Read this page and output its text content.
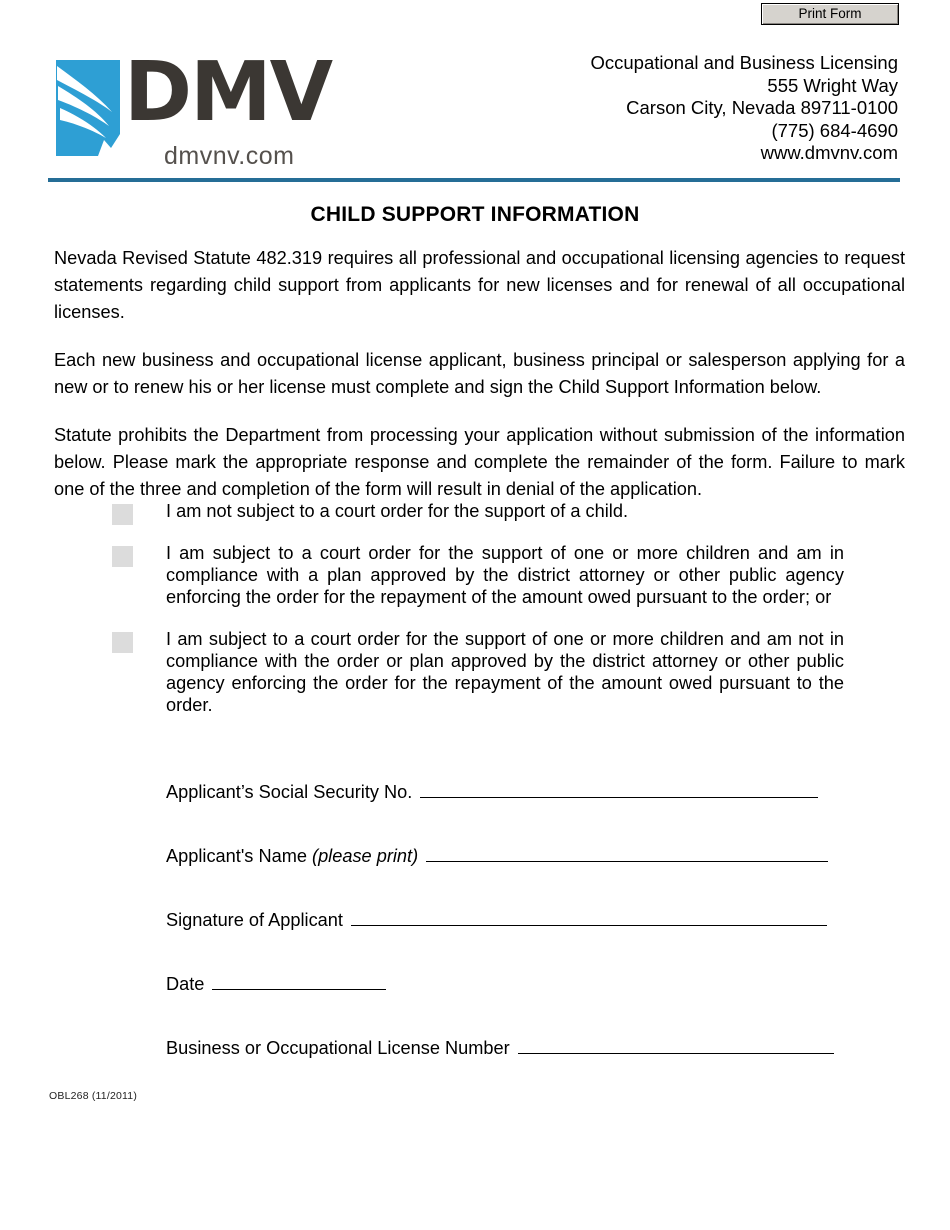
Print Form
DMV
dmvnv.com
Occupational and Business Licensing
555 Wright Way
Carson City, Nevada 89711-0100
(775) 684-4690
www.dmvnv.com
CHILD SUPPORT INFORMATION

Nevada Revised Statute 482.319 requires all professional and occupational licensing agencies to request statements regarding child support from applicants for new licenses and for renewal of all occupational licenses.

Each new business and occupational license applicant, business principal or salesperson applying for a new or to renew his or her license must complete and sign the Child Support Information below.

Statute prohibits the Department from processing your application without submission of the information below. Please mark the appropriate response and complete the remainder of the form. Failure to mark one of the three and completion of the form will result in denial of the application.

I am not subject to a court order for the support of a child.
I am subject to a court order for the support of one or more children and am in compliance with a plan approved by the district attorney or other public agency enforcing the order for the repayment of the amount owed pursuant to the order; or
I am subject to a court order for the support of one or more children and am not in compliance with the order or plan approved by the district attorney or other public agency enforcing the order for the repayment of the amount owed pursuant to the order.
Applicant’s Social Security No.
Applicant's Name (please print)
Signature of Applicant
Date
Business or Occupational License Number
OBL268 (11/2011)
